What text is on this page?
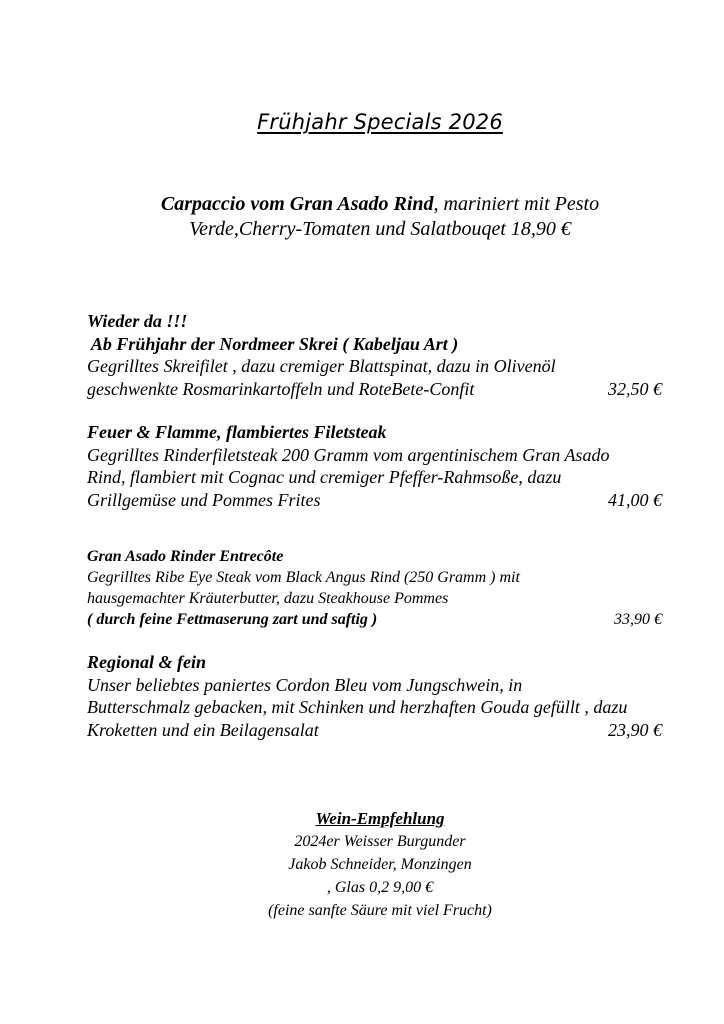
Frühjahr Specials 2026
Carpaccio vom Gran Asado Rind, mariniert mit Pesto
Verde,Cherry-Tomaten und Salatbouqet 18,90 €
Wieder da !!!
Ab Frühjahr der Nordmeer Skrei ( Kabeljau Art )
Gegrilltes Skreifilet , dazu cremiger Blattspinat, dazu in Olivenöl
geschwenkte Rosmarinkartoffeln und RoteBete-Confit	32,50 €
Feuer & Flamme, flambiertes Filetsteak
Gegrilltes Rinderfiletsteak 200 Gramm vom argentinischem Gran Asado
Rind, flambiert mit Cognac und cremiger Pfeffer-Rahmsoße, dazu
Grillgemüse und Pommes Frites	41,00 €
Gran Asado Rinder Entrecôte
Gegrilltes Ribe Eye Steak vom Black Angus Rind (250 Gramm ) mit
hausgemachter Kräuterbutter, dazu Steakhouse Pommes
( durch feine Fettmaserung zart und saftig )	33,90 €
Regional & fein
Unser beliebtes paniertes Cordon Bleu vom Jungschwein, in
Butterschmalz gebacken, mit Schinken und herzhaften Gouda gefüllt , dazu
Kroketten und ein Beilagensalat	23,90 €
Wein-Empfehlung
2024er Weisser Burgunder
Jakob Schneider, Monzingen
, Glas 0,2 9,00 €
(feine sanfte Säure mit viel Frucht)
